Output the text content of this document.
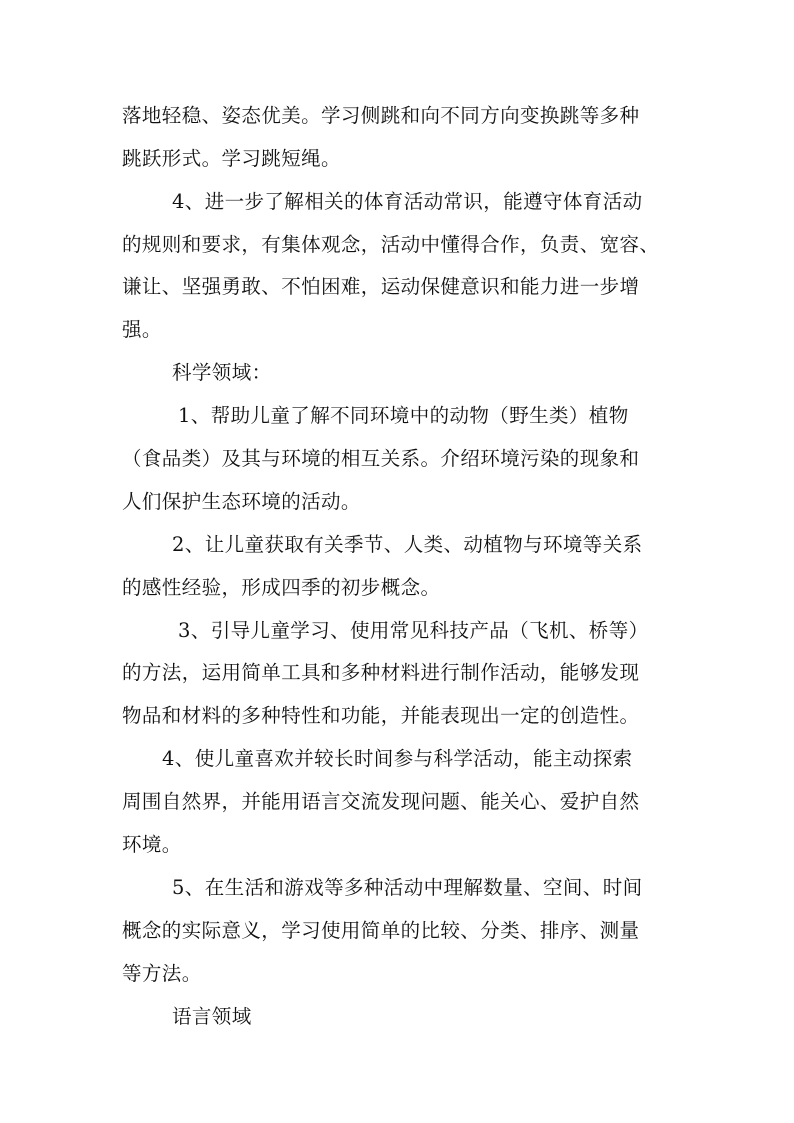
落地轻稳、姿态优美。学习侧跳和向不同方向变换跳等多种
跳跃形式。学习跳短绳。
4、进一步了解相关的体育活动常识，能遵守体育活动
的规则和要求，有集体观念，活动中懂得合作，负责、宽容、
谦让、坚强勇敢、不怕困难，运动保健意识和能力进一步增
强。
科学领域：
1、帮助儿童了解不同环境中的动物（野生类）植物
（食品类）及其与环境的相互关系。介绍环境污染的现象和
人们保护生态环境的活动。
2、让儿童获取有关季节、人类、动植物与环境等关系
的感性经验，形成四季的初步概念。
3、引导儿童学习、使用常见科技产品（飞机、桥等）
的方法，运用简单工具和多种材料进行制作活动，能够发现
物品和材料的多种特性和功能，并能表现出一定的创造性。
4、使儿童喜欢并较长时间参与科学活动，能主动探索
周围自然界，并能用语言交流发现问题、能关心、爱护自然
环境。
5、在生活和游戏等多种活动中理解数量、空间、时间
概念的实际意义，学习使用简单的比较、分类、排序、测量
等方法。
语言领域
